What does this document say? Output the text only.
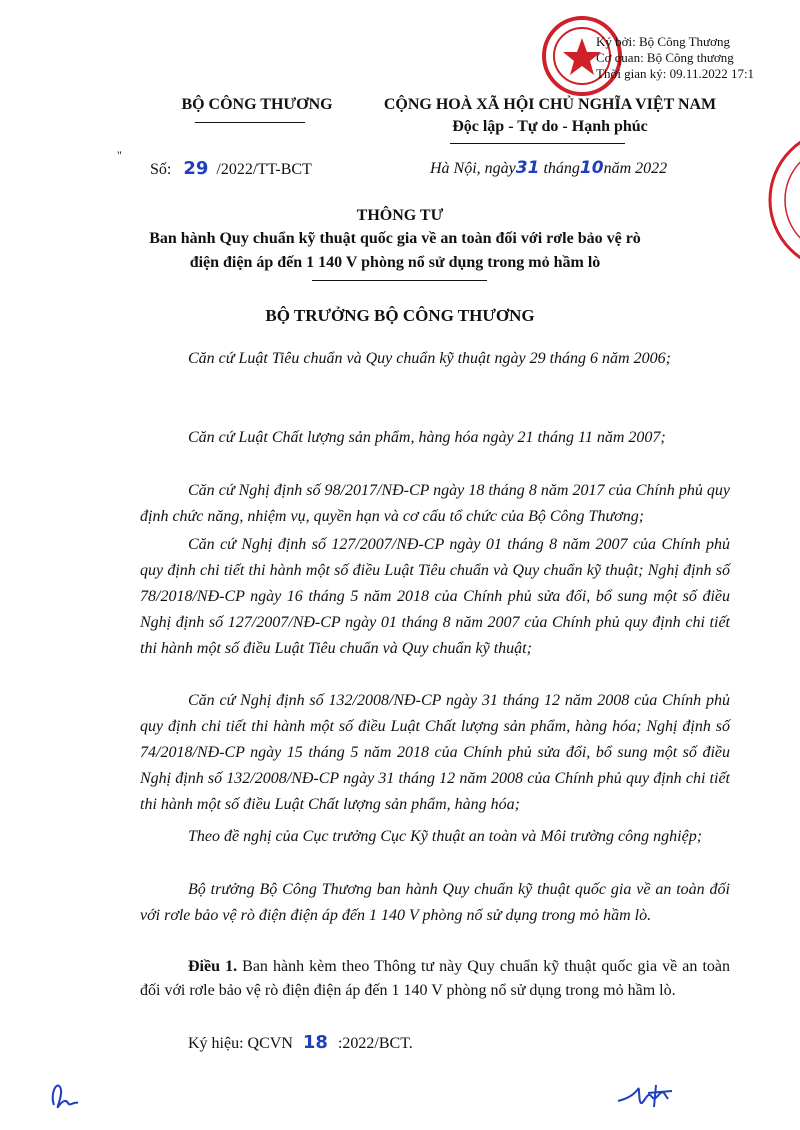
Ký bởi: Bộ Công Thương
Cơ quan: Bộ Công thương
Thời gian ký: 09.11.2022 17:1
BỘ CÔNG THƯƠNG	CỘNG HOÀ XÃ HỘI CHỦ NGHĨA VIỆT NAM
Độc lập - Tự do - Hạnh phúc
"
Số: 29 /2022/TT-BCT	Hà Nội, ngày31 tháng10năm 2022
THÔNG TƯ
Ban hành Quy chuẩn kỹ thuật quốc gia về an toàn đối với rơle bảo vệ rò
điện điện áp đến 1 140 V phòng nổ sử dụng trong mỏ hầm lò
BỘ TRƯỞNG BỘ CÔNG THƯƠNG
Căn cứ Luật Tiêu chuẩn và Quy chuẩn kỹ thuật ngày 29 tháng 6 năm 2006;
Căn cứ Luật Chất lượng sản phẩm, hàng hóa ngày 21 tháng 11 năm 2007;
Căn cứ Nghị định số 98/2017/NĐ-CP ngày 18 tháng 8 năm 2017 của Chính phủ quy định chức năng, nhiệm vụ, quyền hạn và cơ cấu tổ chức của Bộ Công Thương;
Căn cứ Nghị định số 127/2007/NĐ-CP ngày 01 tháng 8 năm 2007 của Chính phủ quy định chi tiết thi hành một số điều Luật Tiêu chuẩn và Quy chuẩn kỹ thuật; Nghị định số 78/2018/NĐ-CP ngày 16 tháng 5 năm 2018 của Chính phủ sửa đổi, bổ sung một số điều Nghị định số 127/2007/NĐ-CP ngày 01 tháng 8 năm 2007 của Chính phủ quy định chi tiết thi hành một số điều Luật Tiêu chuẩn và Quy chuẩn kỹ thuật;
Căn cứ Nghị định số 132/2008/NĐ-CP ngày 31 tháng 12 năm 2008 của Chính phủ quy định chi tiết thi hành một số điều Luật Chất lượng sản phẩm, hàng hóa; Nghị định số 74/2018/NĐ-CP ngày 15 tháng 5 năm 2018 của Chính phủ sửa đổi, bổ sung một số điều Nghị định số 132/2008/NĐ-CP ngày 31 tháng 12 năm 2008 của Chính phủ quy định chi tiết thi hành một số điều Luật Chất lượng sản phẩm, hàng hóa;
Theo đề nghị của Cục trưởng Cục Kỹ thuật an toàn và Môi trường công nghiệp;
Bộ trưởng Bộ Công Thương ban hành Quy chuẩn kỹ thuật quốc gia về an toàn đối với rơle bảo vệ rò điện điện áp đến 1 140 V phòng nổ sử dụng trong mỏ hầm lò.
Điều 1. Ban hành kèm theo Thông tư này Quy chuẩn kỹ thuật quốc gia về an toàn đối với rơle bảo vệ rò điện điện áp đến 1 140 V phòng nổ sử dụng trong mỏ hầm lò.
Ký hiệu: QCVN 18 :2022/BCT.
